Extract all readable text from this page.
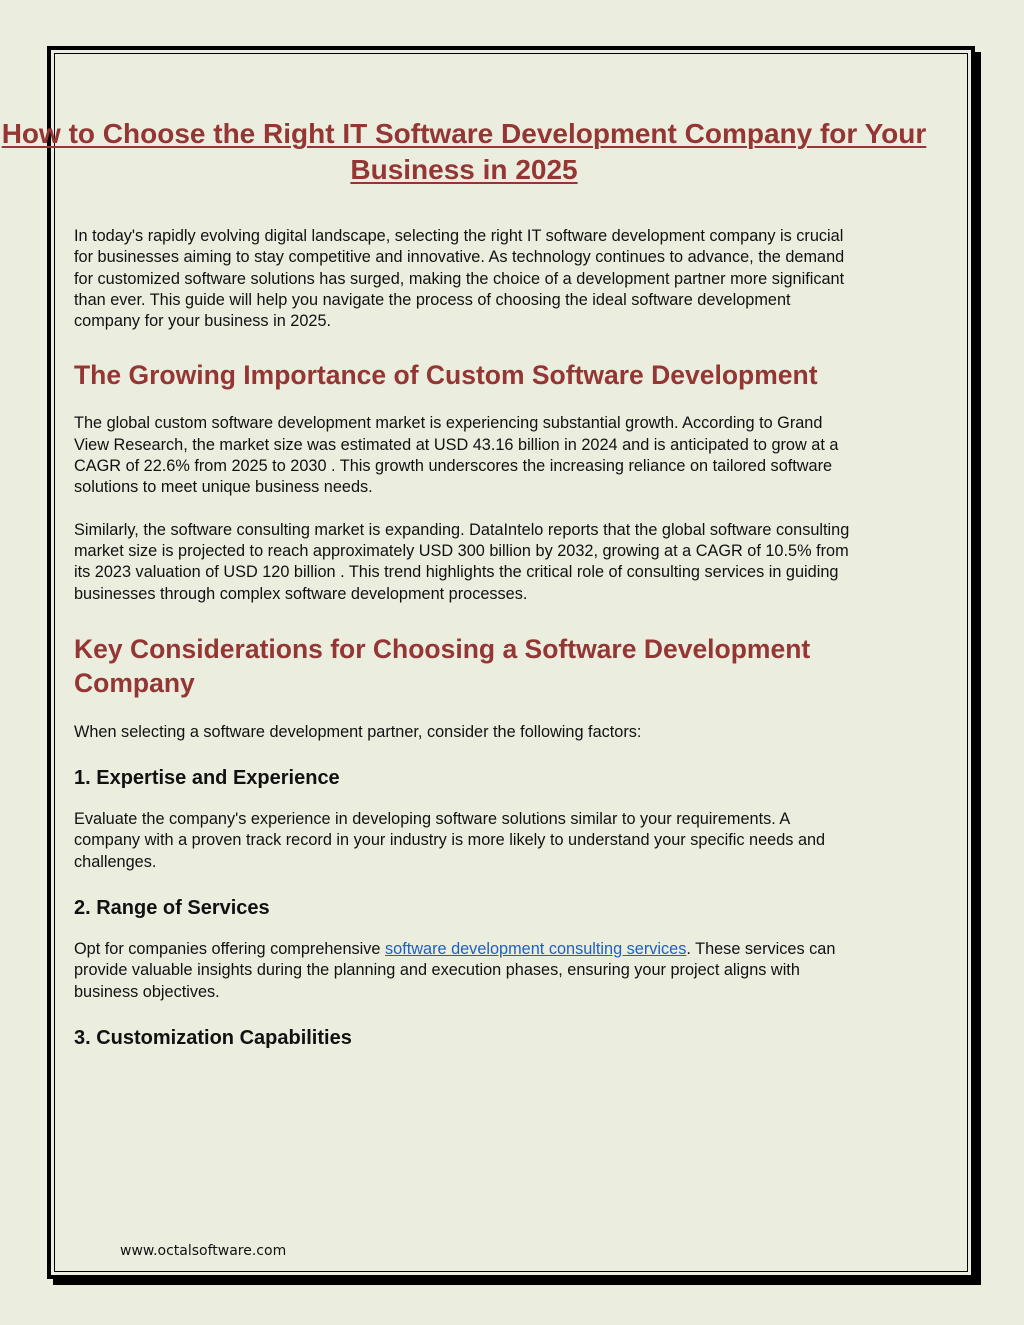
How to Choose the Right IT Software Development Company for Your Business in 2025

In today's rapidly evolving digital landscape, selecting the right IT software development company is crucial for businesses aiming to stay competitive and innovative. As technology continues to advance, the demand for customized software solutions has surged, making the choice of a development partner more significant than ever. This guide will help you navigate the process of choosing the ideal software development company for your business in 2025.

The Growing Importance of Custom Software Development

The global custom software development market is experiencing substantial growth. According to Grand View Research, the market size was estimated at USD 43.16 billion in 2024 and is anticipated to grow at a CAGR of 22.6% from 2025 to 2030 . This growth underscores the increasing reliance on tailored software solutions to meet unique business needs.

Similarly, the software consulting market is expanding. DataIntelo reports that the global software consulting market size is projected to reach approximately USD 300 billion by 2032, growing at a CAGR of 10.5% from its 2023 valuation of USD 120 billion . This trend highlights the critical role of consulting services in guiding businesses through complex software development processes.

Key Considerations for Choosing a Software Development Company

When selecting a software development partner, consider the following factors:

1. Expertise and Experience

Evaluate the company's experience in developing software solutions similar to your requirements. A company with a proven track record in your industry is more likely to understand your specific needs and challenges.

2. Range of Services

Opt for companies offering comprehensive software development consulting services. These services can provide valuable insights during the planning and execution phases, ensuring your project aligns with business objectives.

3. Customization Capabilities
www.octalsoftware.com
